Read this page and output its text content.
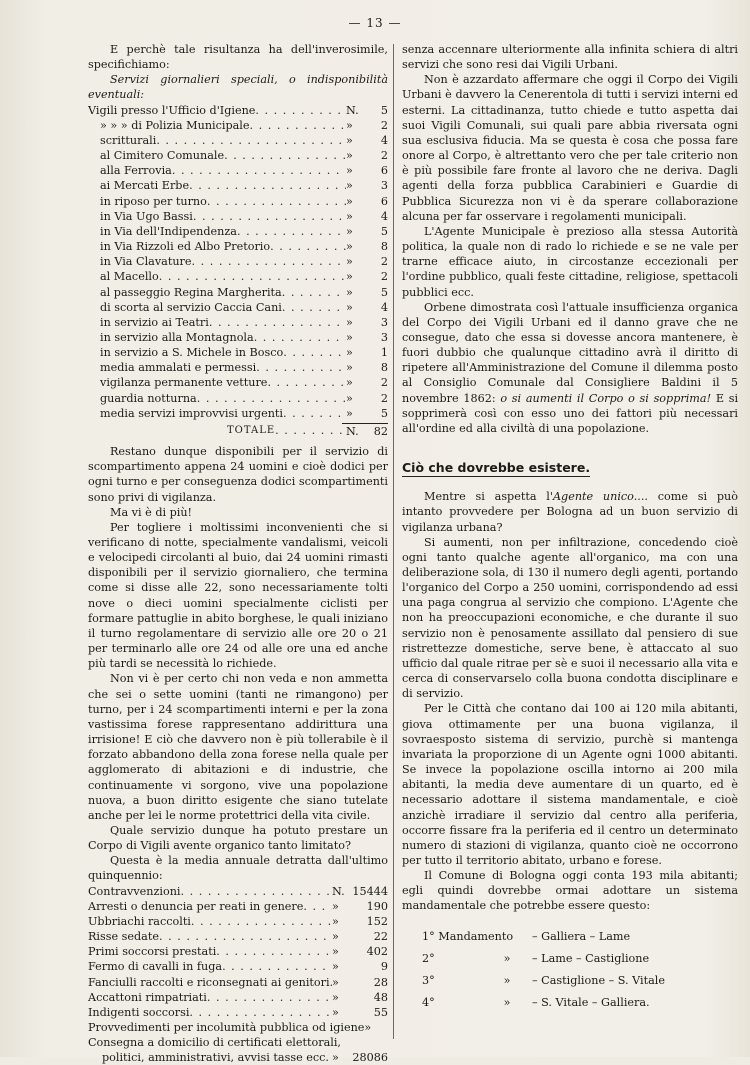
— 13 —

E perchè tale risultanza ha dell'inverosimile, specifichiamo:

Servizi giornalieri speciali, o indisponibilità eventuali:

Vigili presso l'Ufficio d'Igiene . . .	N. 5
» » » di Polizia Municipale . . .	»	2
scritturali . . .	»	4
al Cimitero Comunale . . .	»	2
alla Ferrovia . . .	»	6
ai Mercati Erbe . . .	»	3
in riposo per turno . . .	»	6
in Via Ugo Bassi . . .	»	4
in Via dell'Indipendenza . . .	»	5
in Via Rizzoli ed Albo Pretorio . . .	»	8
in Via Clavature . . .	»	2
al Macello . . .	»	2
al passeggio Regina Margherita . . .	»	5
di scorta al servizio Caccia Cani . . .	»	4
in servizio ai Teatri . . .	»	3
in servizio alla Montagnola . . .	»	3
in servizio a S. Michele in Bosco . . .	»	1
media ammalati e permessi . . .	»	8
vigilanza permanente vetture . . .	»	2
guardia notturna . . .	»	2
media servizi improvvisi urgenti . . .	»	5
TOTALE . . .	N. 82

Restano dunque disponibili per il servizio di scompartimento appena 24 uomini e cioè dodici per ogni turno e per conseguenza dodici scompartimenti sono privi di vigilanza.

Ma vi è di più!

Per togliere i moltissimi inconvenienti che si verificano di notte, specialmente vandalismi, veicoli e velocipedi circolanti al buio, dai 24 uomini rimasti disponibili per il servizio giornaliero, che termina come si disse alle 22, sono necessariamente tolti nove o dieci uomini specialmente ciclisti per formare pattuglie in abito borghese, le quali iniziano il turno regolamentare di servizio alle ore 20 o 21 per terminarlo alle ore 24 od alle ore una ed anche più tardi se necessità lo richiede.

Non vi è per certo chi non veda e non ammetta che sei o sette uomini (tanti ne rimangono) per turno, per i 24 scompartimenti interni e per la zona vastissima forese rappresentano addirittura una irrisione! E ciò che davvero non è più tollerabile è il forzato abbandono della zona forese nella quale per agglomerato di abitazioni e di industrie, che continuamente vi sorgono, vive una popolazione nuova, a buon diritto esigente che siano tutelate anche per lei le norme protettrici della vita civile.

Quale servizio dunque ha potuto prestare un Corpo di Vigili avente organico tanto limitato?

Questa è la media annuale detratta dall'ultimo quinquennio:

Contravvenzioni . . .	N. 15444
Arresti o denuncia per reati in genere . . .	» 190
Ubbriachi raccolti . . .	» 152
Risse sedate . . .	»	22
Primi soccorsi prestati . . .	» 402
Fermo di cavalli in fuga . . .	»	9
Fanciulli raccolti e riconsegnati ai genitori . . . »	28
Accattoni rimpatriati . . .	»	48
Indigenti soccorsi . . .	»	55
Provvedimenti per incolumità pubblica od igiene »
Consegna a domicilio di certificati elettorali,
politici, amministrativi, avvisi tasse ecc. » 28086

senza accennare ulteriormente alla infinita schiera di altri servizi che sono resi dai Vigili Urbani.

Non è azzardato affermare che oggi il Corpo dei Vigili Urbani è davvero la Cenerentola di tutti i servizi interni ed esterni. La cittadinanza, tutto chiede e tutto aspetta dai suoi Vigili Comunali, sui quali pare abbia riversata ogni sua esclusiva fiducia. Ma se questa è cosa che possa fare onore al Corpo, è altrettanto vero che per tale criterio non è più possibile fare fronte al lavoro che ne deriva. Dagli agenti della forza pubblica Carabinieri e Guardie di Pubblica Sicurezza non vi è da sperare collaborazione alcuna per far osservare i regolamenti municipali.

L'Agente Municipale è prezioso alla stessa Autorità politica, la quale non di rado lo richiede e se ne vale per trarne efficace aiuto, in circostanze eccezionali per l'ordine pubblico, quali feste cittadine, religiose, spettacoli pubblici ecc.

Orbene dimostrata così l'attuale insufficienza organica del Corpo dei Vigili Urbani ed il danno grave che ne consegue, dato che essa si dovesse ancora mantenere, è fuori dubbio che qualunque cittadino avrà il diritto di ripetere all'Amministrazione del Comune il dilemma posto al Consiglio Comunale dal Consigliere Baldini il 5 novembre 1862: o si aumenti il Corpo o si sopprima! E si sopprimerà così con esso uno dei fattori più necessari all'ordine ed alla civiltà di una popolazione.

Ciò che dovrebbe esistere.

Mentre si aspetta l'Agente unico.... come si può intanto provvedere per Bologna ad un buon servizio di vigilanza urbana?

Si aumenti, non per infiltrazione, concedendo cioè ogni tanto qualche agente all'organico, ma con una deliberazione sola, di 130 il numero degli agenti, portando l'organico del Corpo a 250 uomini, corrispondendo ad essi una paga congrua al servizio che compiono. L'Agente che non ha preoccupazioni economiche, e che durante il suo servizio non è penosamente assillato dal pensiero di sue ristrettezze domestiche, serve bene, è attaccato al suo ufficio dal quale ritrae per sè e suoi il necessario alla vita e cerca di conservarselo colla buona condotta disciplinare e di servizio.

Per le Città che contano dai 100 ai 120 mila abitanti, giova ottimamente per una buona vigilanza, il sovraesposto sistema di servizio, purchè si mantenga invariata la proporzione di un Agente ogni 1000 abitanti. Se invece la popolazione oscilla intorno ai 200 mila abitanti, la media deve aumentare di un quarto, ed è necessario adottare il sistema mandamentale, e cioè anzichè irradiare il servizio dal centro alla periferia, occorre fissare fra la periferia ed il centro un determinato numero di stazioni di vigilanza, quanto cioè ne occorrono per tutto il territorio abitato, urbano e forese.

Il Comune di Bologna oggi conta 193 mila abitanti; egli quindi dovrebbe ormai adottare un sistema mandamentale che potrebbe essere questo:

1° Mandamento	– Galliera – Lame
2°	»	– Lame – Castiglione
3°	»	– Castiglione – S. Vitale
4°	»	– S. Vitale – Galliera.
